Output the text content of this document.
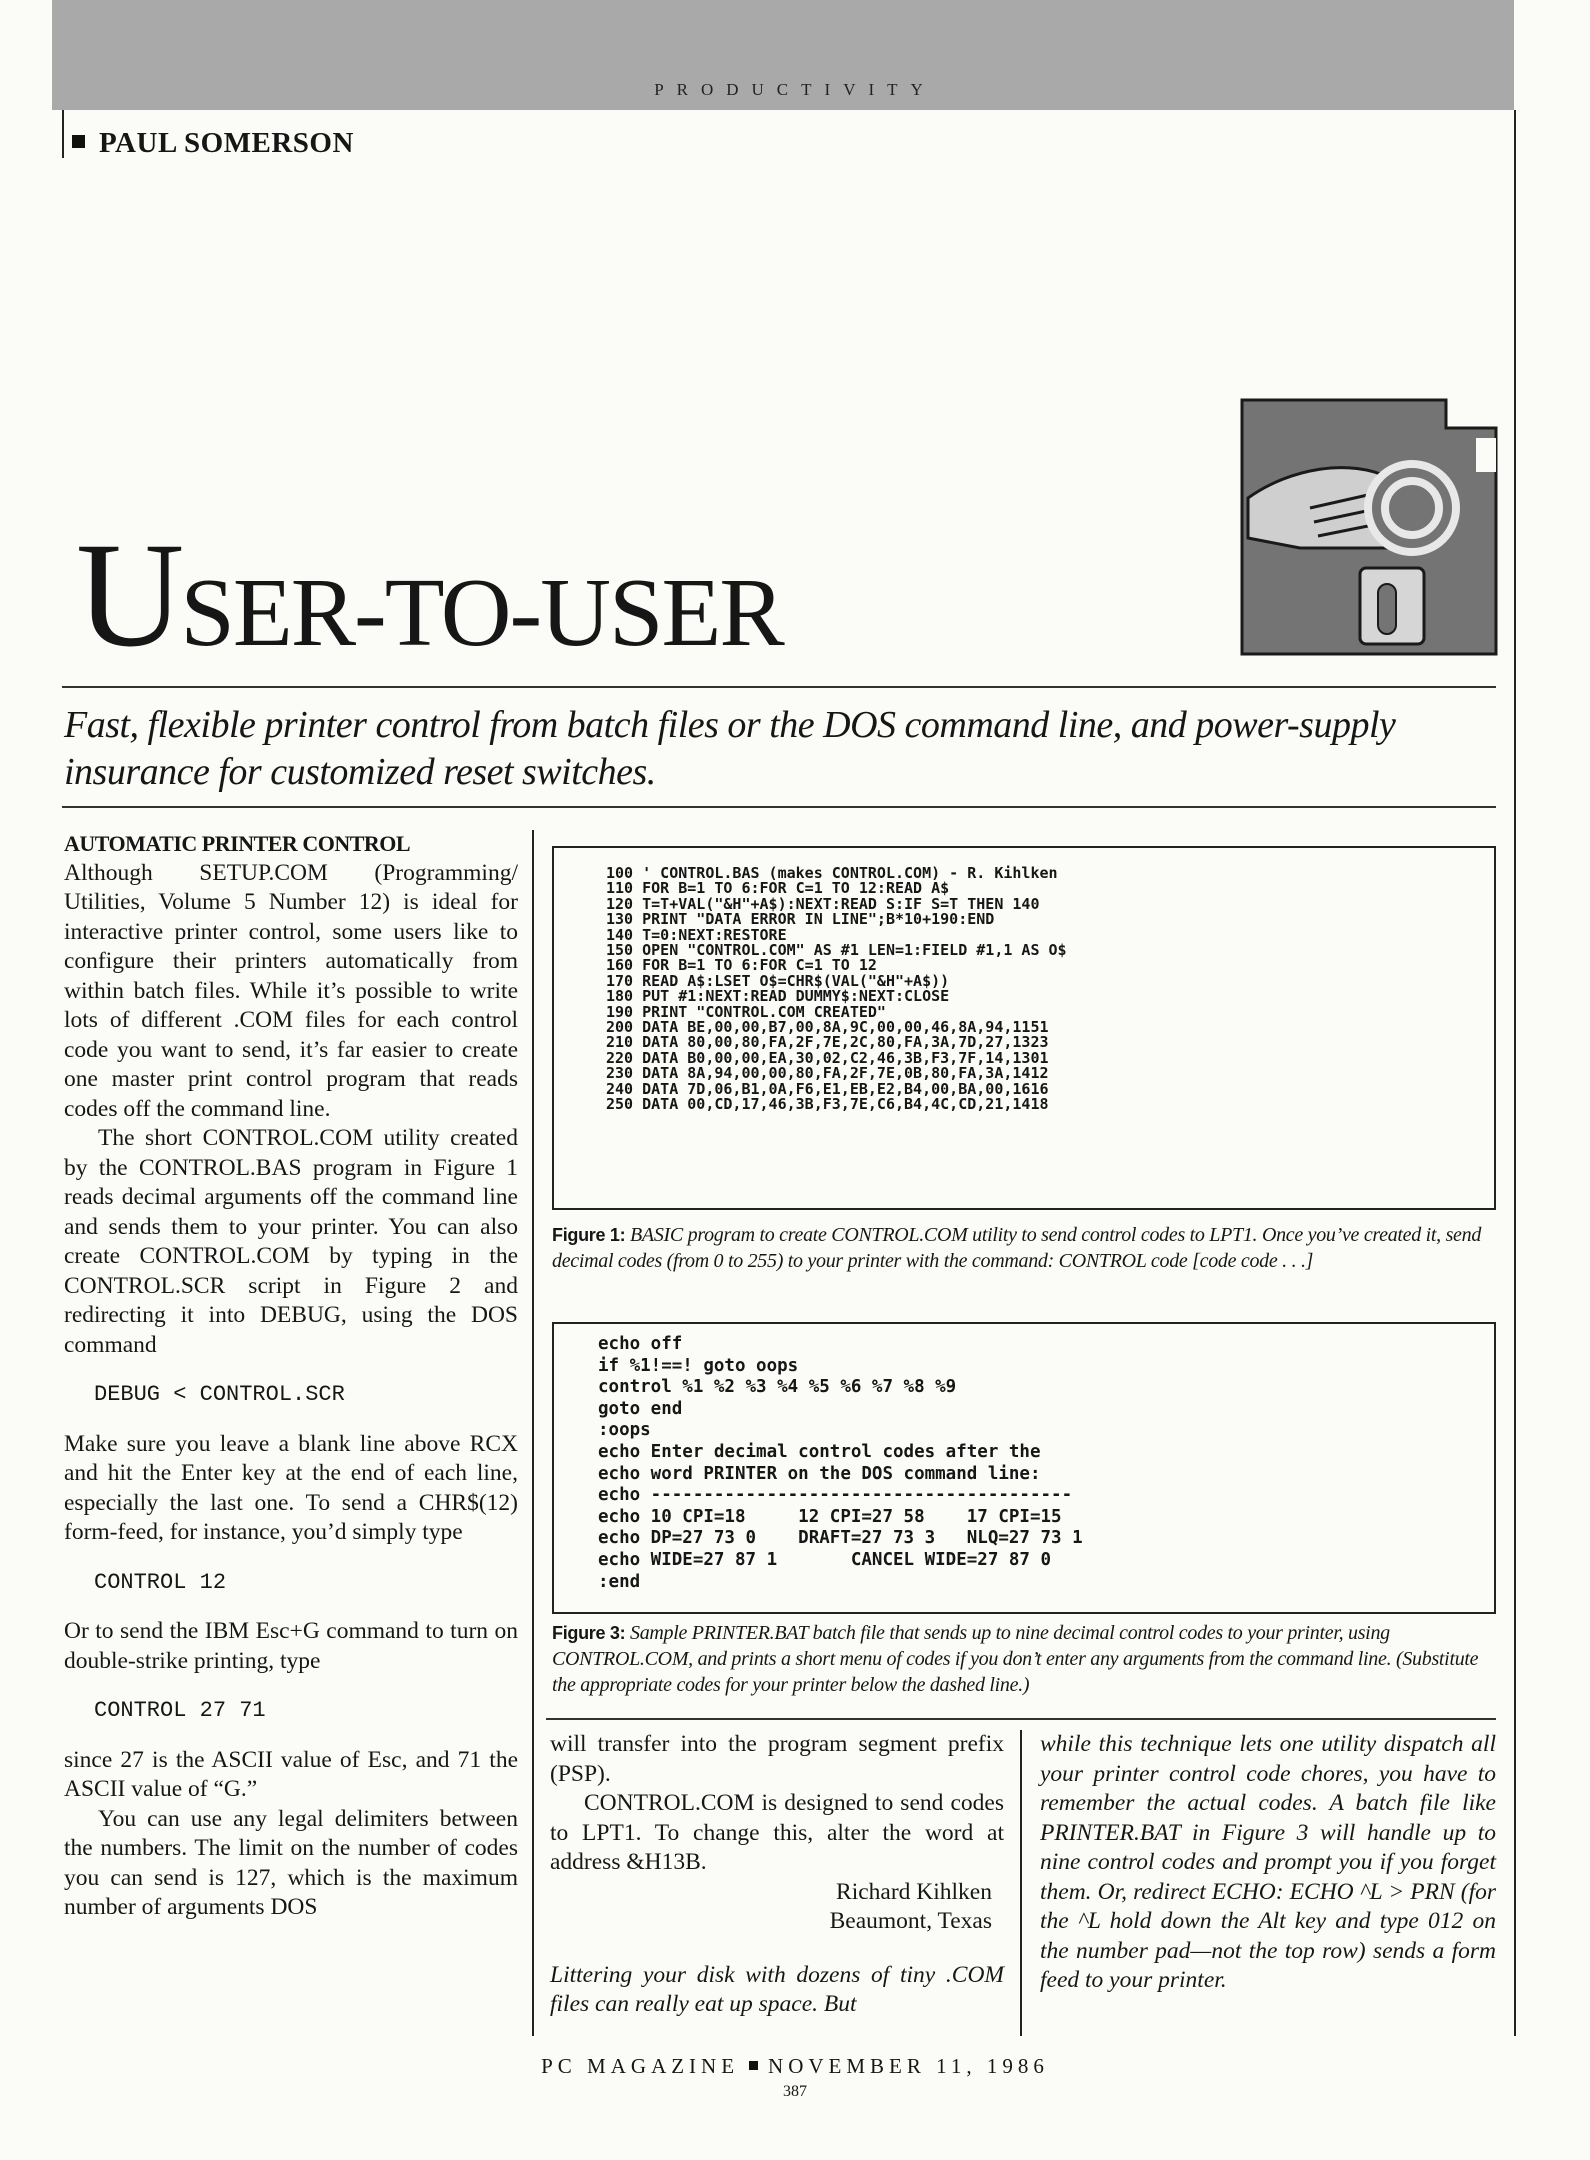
PRODUCTIVITY
PAUL SOMERSON
USER-TO-USER
Fast, flexible printer control from batch files or the DOS command line, and power-supply insurance for customized reset switches.
AUTOMATIC PRINTER CONTROL

Although SETUP.COM (Programming/ Utilities, Volume 5 Number 12) is ideal for interactive printer control, some users like to configure their printers automatically from within batch files. While it’s possible to write lots of different .COM files for each control code you want to send, it’s far easier to create one master print control program that reads codes off the command line.

The short CONTROL.COM utility created by the CONTROL.BAS program in Figure 1 reads decimal arguments off the command line and sends them to your printer. You can also create CONTROL.COM by typing in the CONTROL.SCR script in Figure 2 and redirecting it into DEBUG, using the DOS command

DEBUG < CONTROL.SCR

Make sure you leave a blank line above RCX and hit the Enter key at the end of each line, especially the last one. To send a CHR$(12) form-feed, for instance, you’d simply type

CONTROL 12

Or to send the IBM Esc+G command to turn on double-strike printing, type

CONTROL 27 71

since 27 is the ASCII value of Esc, and 71 the ASCII value of “G.”

You can use any legal delimiters between the numbers. The limit on the number of codes you can send is 127, which is the maximum number of arguments DOS

100 ' CONTROL.BAS (makes CONTROL.COM) - R. Kihlken
110 FOR B=1 TO 6:FOR C=1 TO 12:READ A$
120 T=T+VAL("&H"+A$):NEXT:READ S:IF S=T THEN 140
130 PRINT "DATA ERROR IN LINE";B*10+190:END
140 T=0:NEXT:RESTORE
150 OPEN "CONTROL.COM" AS #1 LEN=1:FIELD #1,1 AS O$
160 FOR B=1 TO 6:FOR C=1 TO 12
170 READ A$:LSET O$=CHR$(VAL("&H"+A$))
180 PUT #1:NEXT:READ DUMMY$:NEXT:CLOSE
190 PRINT "CONTROL.COM CREATED"
200 DATA BE,00,00,B7,00,8A,9C,00,00,46,8A,94,1151
210 DATA 80,00,80,FA,2F,7E,2C,80,FA,3A,7D,27,1323
220 DATA B0,00,00,EA,30,02,C2,46,3B,F3,7F,14,1301
230 DATA 8A,94,00,00,80,FA,2F,7E,0B,80,FA,3A,1412
240 DATA 7D,06,B1,0A,F6,E1,EB,E2,B4,00,BA,00,1616
250 DATA 00,CD,17,46,3B,F3,7E,C6,B4,4C,CD,21,1418
Figure 1: BASIC program to create CONTROL.COM utility to send control codes to LPT1. Once you’ve created it, send decimal codes (from 0 to 255) to your printer with the command: CONTROL code [code code . . .]
echo off
if %1!==! goto oops
control %1 %2 %3 %4 %5 %6 %7 %8 %9
goto end
:oops
echo Enter decimal control codes after the
echo word PRINTER on the DOS command line:
echo ----------------------------------------
echo 10 CPI=18     12 CPI=27 58    17 CPI=15
echo DP=27 73 0    DRAFT=27 73 3   NLQ=27 73 1
echo WIDE=27 87 1       CANCEL WIDE=27 87 0
:end
Figure 3: Sample PRINTER.BAT batch file that sends up to nine decimal control codes to your printer, using CONTROL.COM, and prints a short menu of codes if you don’t enter any arguments from the command line. (Substitute the appropriate codes for your printer below the dashed line.)

will transfer into the program segment prefix (PSP).

CONTROL.COM is designed to send codes to LPT1. To change this, alter the word at address &H13B.

Richard Kihlken
Beaumont, Texas

Littering your disk with dozens of tiny .COM files can really eat up space. But

while this technique lets one utility dispatch all your printer control code chores, you have to remember the actual codes. A batch file like PRINTER.BAT in Figure 3 will handle up to nine control codes and prompt you if you forget them. Or, redirect ECHO: ECHO ^L > PRN (for the ^L hold down the Alt key and type 012 on the number pad—not the top row) sends a form feed to your printer.

PC MAGAZINE NOVEMBER 11, 1986
387
